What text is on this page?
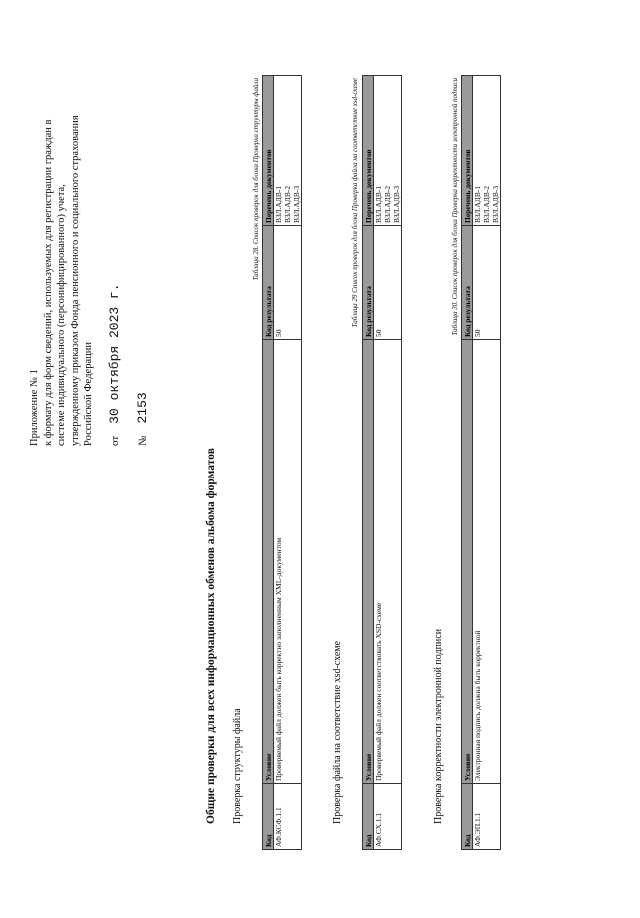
Приложение № 1 к формату для форм сведений, используемых для регистрации граждан в системе индивидуального (персонифицированного) учета, утвержденному приказом Фонда пенсионного и социального страхования Российской Федерации от30 октября 2023 г.
№2153

Общие проверки для всех информационных обменов альбома форматов Проверка структуры файла

Таблица 28. Список проверок для блока Проверка структуры файла

Код	Условие	Код результата	Перечень документов
АФ.КСФ.1.1	Проверяемый файл должен быть корректно заполненным XML-документом	50	ВЗЛ.АДВ-1 ВЗЛ.АДВ-2 ВЗЛ.АДВ-3

Проверка файла на соответствие xsd-схеме

Таблица 29 Список проверок для блока Проверка файла на соответствие xsd-схеме

Код	Условие	Код результата	Перечень документов
АФ.СХ.1.1	Проверяемый файл должен соответствовать XSD-схеме	50	ВЗЛ.АДВ-1 ВЗЛ.АДВ-2 ВЗЛ.АДВ-3

Проверка корректности электронной подписи

Таблица 30. Список проверок для блока Проверка корректности электронной подписи

Код	Условие	Код результата	Перечень документов
АФ.ЭП.1.1	Электронная подпись должна быть корректной	50	ВЗЛ.АДВ-1 ВЗЛ.АДВ-2 ВЗЛ.АДВ-3
